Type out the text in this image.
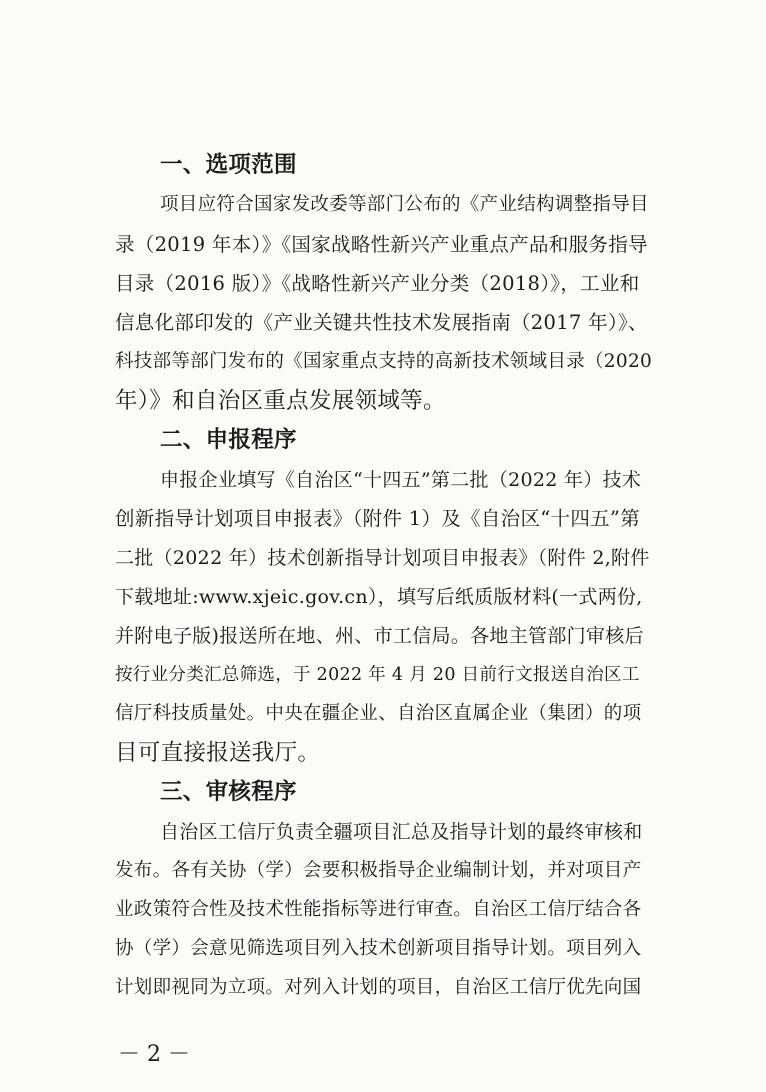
一、选项范围
项目应符合国家发改委等部门公布的《产业结构调整指导目
录（2019 年本）》《国家战略性新兴产业重点产品和服务指导
目录（2016 版）》《战略性新兴产业分类（2018）》，工业和
信息化部印发的《产业关键共性技术发展指南（2017 年）》、
科技部等部门发布的《国家重点支持的高新技术领域目录（2020
年）》和自治区重点发展领域等。
二、申报程序
申报企业填写《自治区“十四五”第二批（2022 年）技术
创新指导计划项目申报表》（附件 1）及《自治区“十四五”第
二批（2022 年）技术创新指导计划项目申报表》（附件 2,附件
下载地址:www.xjeic.gov.cn），填写后纸质版材料(一式两份,
并附电子版)报送所在地、州、市工信局。各地主管部门审核后
按行业分类汇总筛选，于 2022 年 4 月 20 日前行文报送自治区工
信厅科技质量处。中央在疆企业、自治区直属企业（集团）的项
目可直接报送我厅。
三、审核程序
自治区工信厅负责全疆项目汇总及指导计划的最终审核和
发布。各有关协（学）会要积极指导企业编制计划，并对项目产
业政策符合性及技术性能指标等进行审查。自治区工信厅结合各
协（学）会意见筛选项目列入技术创新项目指导计划。项目列入
计划即视同为立项。对列入计划的项目，自治区工信厅优先向国
－ 2 －
